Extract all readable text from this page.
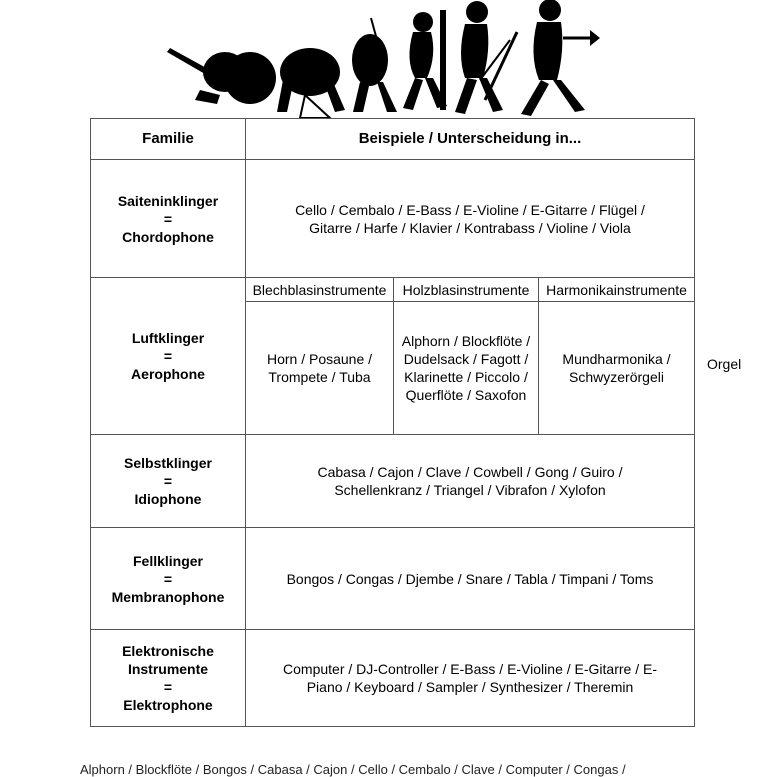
Familie	Beispiele / Unterscheidung in...		

Saiteninklinger
=
Chordophone	Cello / Cembalo / E-Bass / E-Violine / E-Gitarre / Flügel / Gitarre / Harfe / Klavier / Kontrabass / Violine / Viola		

Luftklinger
=
Aerophone	Blechblasinstrumente	Holzblasinstrumente	Harmonikainstrumente
	Horn / Posaune / Trompete / Tuba	Alphorn / Blockflöte / Dudelsack / Fagott / Klarinette / Piccolo / Querflöte / Saxofon	Mundharmonika / Schwyzerörgeli

Selbstklinger
=
Idiophone	Cabasa / Cajon / Clave / Cowbell / Gong / Guiro / Schellenkranz / Triangel / Vibrafon / Xylofon		

Fellklinger
=
Membranophone	Bongos / Congas / Djembe / Snare / Tabla / Timpani / Toms		

Elektronische Instrumente
=
Elektrophone	Computer / DJ-Controller / E-Bass / E-Violine / E-Gitarre / E-Piano / Keyboard / Sampler / Synthesizer / Theremin		
Orgel
Alphorn / Blockflöte / Bongos / Cabasa / Cajon / Cello / Cembalo / Clave / Computer / Congas /
